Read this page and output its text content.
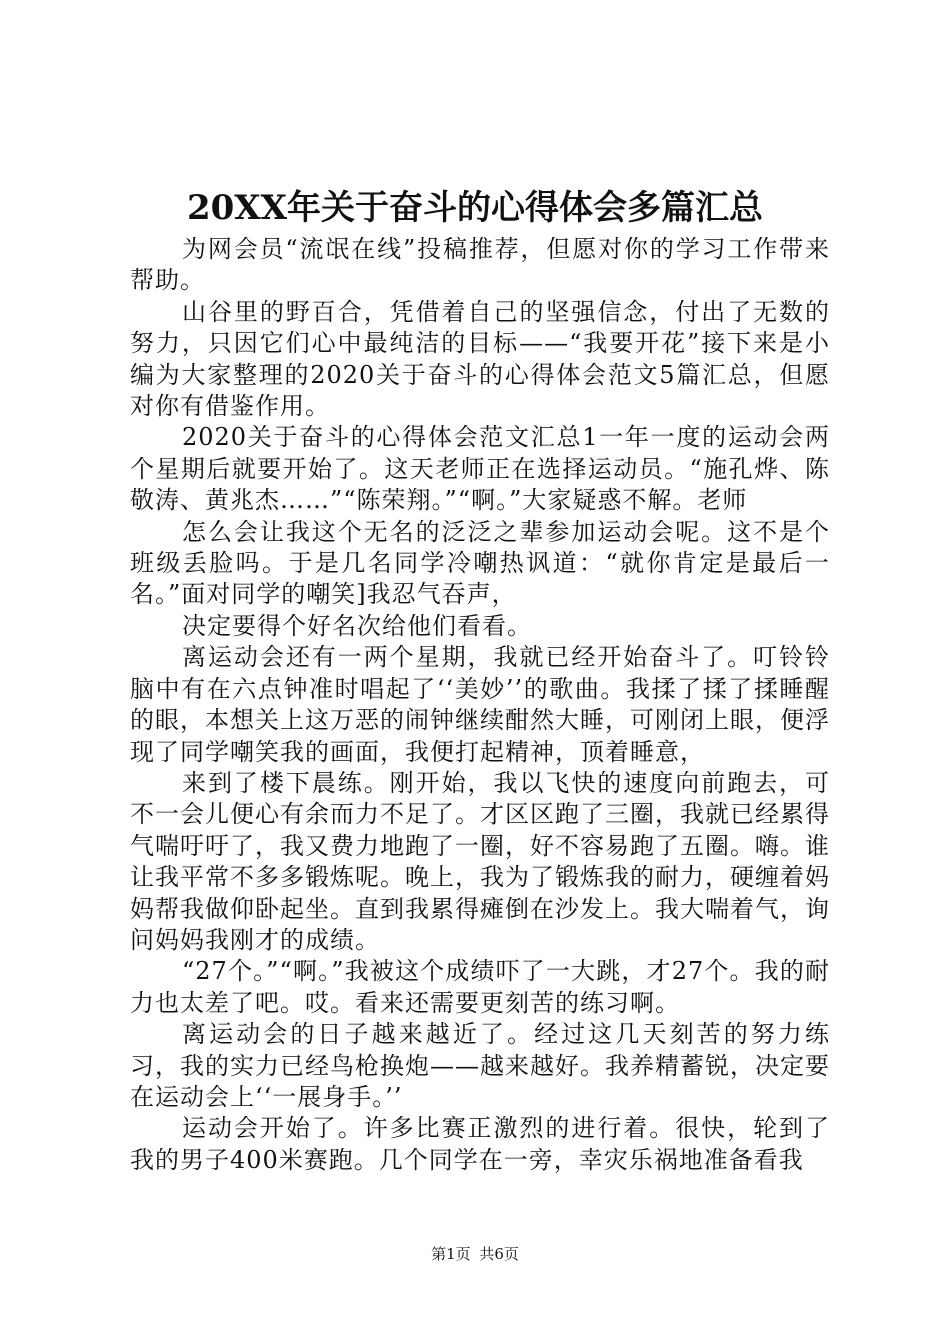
20XX年关于奋斗的心得体会多篇汇总

为网会员“流氓在线”投稿推荐，但愿对你的学习工作带来帮助。

山谷里的野百合，凭借着自己的坚强信念，付出了无数的努力，只因它们心中最纯洁的目标——“我要开花”接下来是小编为大家整理的2020关于奋斗的心得体会范文5篇汇总，但愿对你有借鉴作用。

2020关于奋斗的心得体会范文汇总1一年一度的运动会两个星期后就要开始了。这天老师正在选择运动员。“施孔烨、陈敬涛、黄兆杰……”“陈荣翔。”“啊。”大家疑惑不解。老师

怎么会让我这个无名的泛泛之辈参加运动会呢。这不是个班级丢脸吗。于是几名同学冷嘲热讽道：“就你肯定是最后一名。”面对同学的嘲笑]我忍气吞声，

决定要得个好名次给他们看看。

离运动会还有一两个星期，我就已经开始奋斗了。叮铃铃脑中有在六点钟准时唱起了‘‘美妙’’的歌曲。我揉了揉了揉睡醒的眼，本想关上这万恶的闹钟继续酣然大睡，可刚闭上眼，便浮现了同学嘲笑我的画面，我便打起精神，顶着睡意，

来到了楼下晨练。刚开始，我以飞快的速度向前跑去，可不一会儿便心有余而力不足了。才区区跑了三圈，我就已经累得气喘吁吁了，我又费力地跑了一圈，好不容易跑了五圈。嗨。谁让我平常不多多锻炼呢。晚上，我为了锻炼我的耐力，硬缠着妈妈帮我做仰卧起坐。直到我累得瘫倒在沙发上。我大喘着气，询问妈妈我刚才的成绩。

“27个。”“啊。”我被这个成绩吓了一大跳，才27个。我的耐力也太差了吧。哎。看来还需要更刻苦的练习啊。

离运动会的日子越来越近了。经过这几天刻苦的努力练习，我的实力已经鸟枪换炮——越来越好。我养精蓄锐，决定要在运动会上‘‘一展身手。’’

运动会开始了。许多比赛正激烈的进行着。很快，轮到了我的男子400米赛跑。几个同学在一旁，幸灾乐祸地准备看我

第1页 共6页
